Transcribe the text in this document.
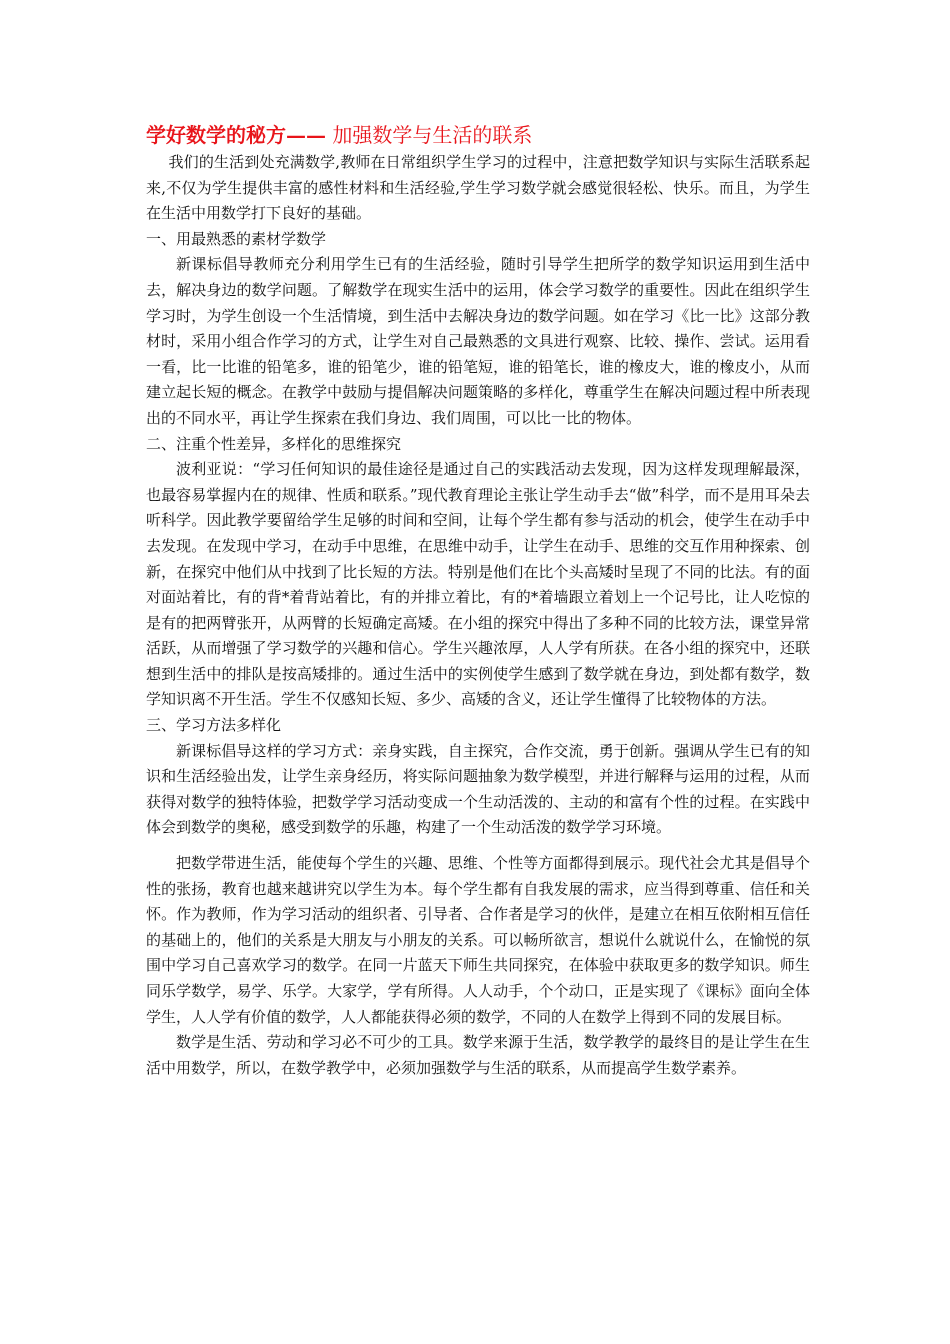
学好数学的秘方—— 加强数学与生活的联系

我们的生活到处充满数学,教师在日常组织学生学习的过程中，注意把数学知识与实际生活联系起来,不仅为学生提供丰富的感性材料和生活经验,学生学习数学就会感觉很轻松、快乐。而且，为学生在生活中用数学打下良好的基础。

一、用最熟悉的素材学数学

新课标倡导教师充分利用学生已有的生活经验，随时引导学生把所学的数学知识运用到生活中去，解决身边的数学问题。了解数学在现实生活中的运用，体会学习数学的重要性。因此在组织学生学习时，为学生创设一个生活情境，到生活中去解决身边的数学问题。如在学习《比一比》这部分教材时，采用小组合作学习的方式，让学生对自己最熟悉的文具进行观察、比较、操作、尝试。运用看一看，比一比谁的铅笔多，谁的铅笔少，谁的铅笔短，谁的铅笔长，谁的橡皮大，谁的橡皮小，从而建立起长短的概念。在教学中鼓励与提倡解决问题策略的多样化，尊重学生在解决问题过程中所表现出的不同水平，再让学生探索在我们身边、我们周围，可以比一比的物体。

二、注重个性差异，多样化的思维探究

波利亚说：“学习任何知识的最佳途径是通过自己的实践活动去发现，因为这样发现理解最深，也最容易掌握内在的规律、性质和联系。”现代教育理论主张让学生动手去“做”科学，而不是用耳朵去听科学。因此教学要留给学生足够的时间和空间，让每个学生都有参与活动的机会，使学生在动手中去发现。在发现中学习，在动手中思维，在思维中动手，让学生在动手、思维的交互作用种探索、创新，在探究中他们从中找到了比长短的方法。特别是他们在比个头高矮时呈现了不同的比法。有的面对面站着比，有的背*着背站着比，有的并排立着比，有的*着墙跟立着划上一个记号比，让人吃惊的是有的把两臂张开，从两臂的长短确定高矮。在小组的探究中得出了多种不同的比较方法，课堂异常活跃，从而增强了学习数学的兴趣和信心。学生兴趣浓厚，人人学有所获。在各小组的探究中，还联想到生活中的排队是按高矮排的。通过生活中的实例使学生感到了数学就在身边，到处都有数学，数学知识离不开生活。学生不仅感知长短、多少、高矮的含义，还让学生懂得了比较物体的方法。

三、学习方法多样化

新课标倡导这样的学习方式：亲身实践，自主探究，合作交流，勇于创新。强调从学生已有的知识和生活经验出发，让学生亲身经历，将实际问题抽象为数学模型，并进行解释与运用的过程，从而获得对数学的独特体验，把数学学习活动变成一个生动活泼的、主动的和富有个性的过程。在实践中体会到数学的奥秘，感受到数学的乐趣，构建了一个生动活泼的数学学习环境。

把数学带进生活，能使每个学生的兴趣、思维、个性等方面都得到展示。现代社会尤其是倡导个性的张扬，教育也越来越讲究以学生为本。每个学生都有自我发展的需求，应当得到尊重、信任和关怀。作为教师，作为学习活动的组织者、引导者、合作者是学习的伙伴，是建立在相互依附相互信任的基础上的，他们的关系是大朋友与小朋友的关系。可以畅所欲言，想说什么就说什么，在愉悦的氛围中学习自己喜欢学习的数学。在同一片蓝天下师生共同探究，在体验中获取更多的数学知识。师生同乐学数学，易学、乐学。大家学，学有所得。人人动手，个个动口，正是实现了《课标》面向全体学生，人人学有价值的数学，人人都能获得必须的数学，不同的人在数学上得到不同的发展目标。

数学是生活、劳动和学习必不可少的工具。数学来源于生活，数学教学的最终目的是让学生在生活中用数学，所以，在数学教学中，必须加强数学与生活的联系，从而提高学生数学素养。
